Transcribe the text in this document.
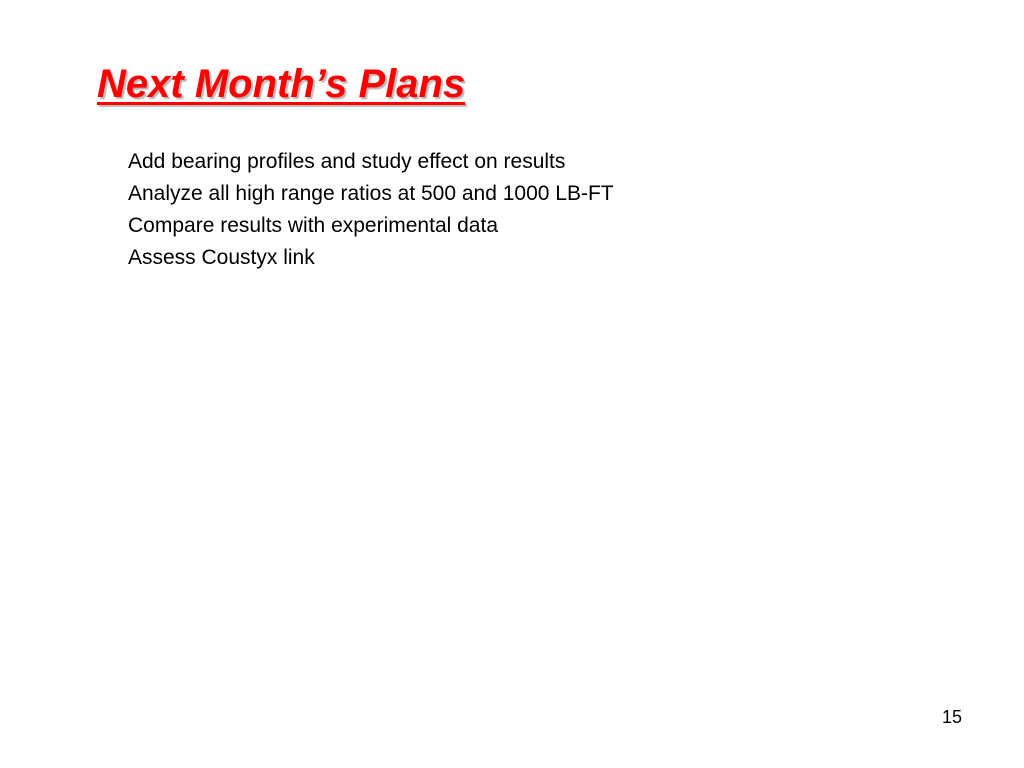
Next Month’s Plans
Add bearing profiles and study effect on results
Analyze all high range ratios at 500 and 1000 LB-FT
Compare results with experimental data
Assess Coustyx link
15
